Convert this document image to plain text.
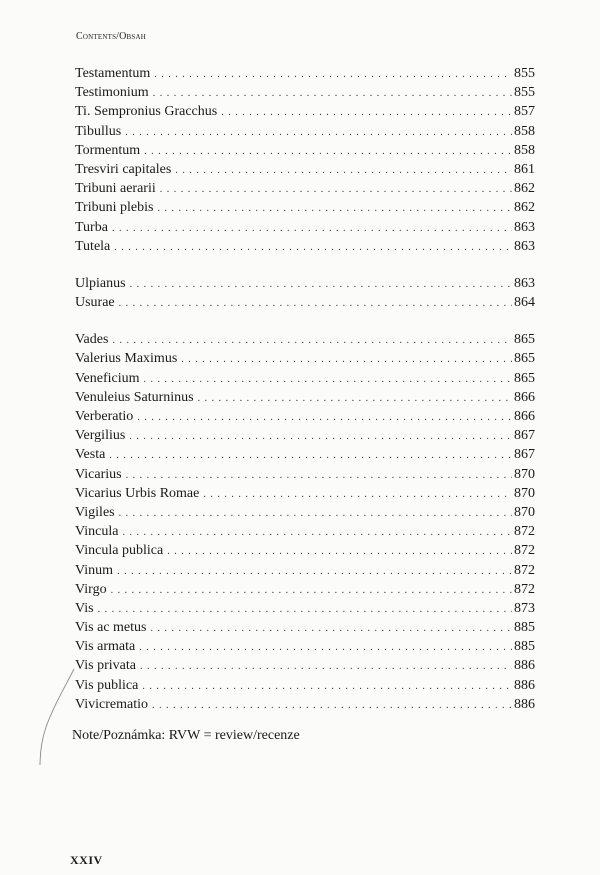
Contents/Obsah
Testamentum . . .	855
Testimonium . . .	855
Ti. Sempronius Gracchus . . .	857
Tibullus . . .	858
Tormentum . . .	858
Tresviri capitales . . .	861
Tribuni aerarii . . .	862
Tribuni plebis . . .	862
Turba . . .	863
Tutela . . .	863
Ulpianus . . .	863
Usurae . . .	864
Vades . . .	865
Valerius Maximus . . .	865
Veneficium . . .	865
Venuleius Saturninus . . .	866
Verberatio . . .	866
Vergilius . . .	867
Vesta . . .	867
Vicarius . . .	870
Vicarius Urbis Romae . . .	870
Vigiles . . .	870
Vincula . . .	872
Vincula publica . . .	872
Vinum . . .	872
Virgo . . .	872
Vis . . .	873
Vis ac metus . . .	885
Vis armata . . .	885
Vis privata . . .	886
Vis publica . . .	886
Vivicrematio . . .	886
Note/Poznámka: RVW = review/recenze
XXIV
